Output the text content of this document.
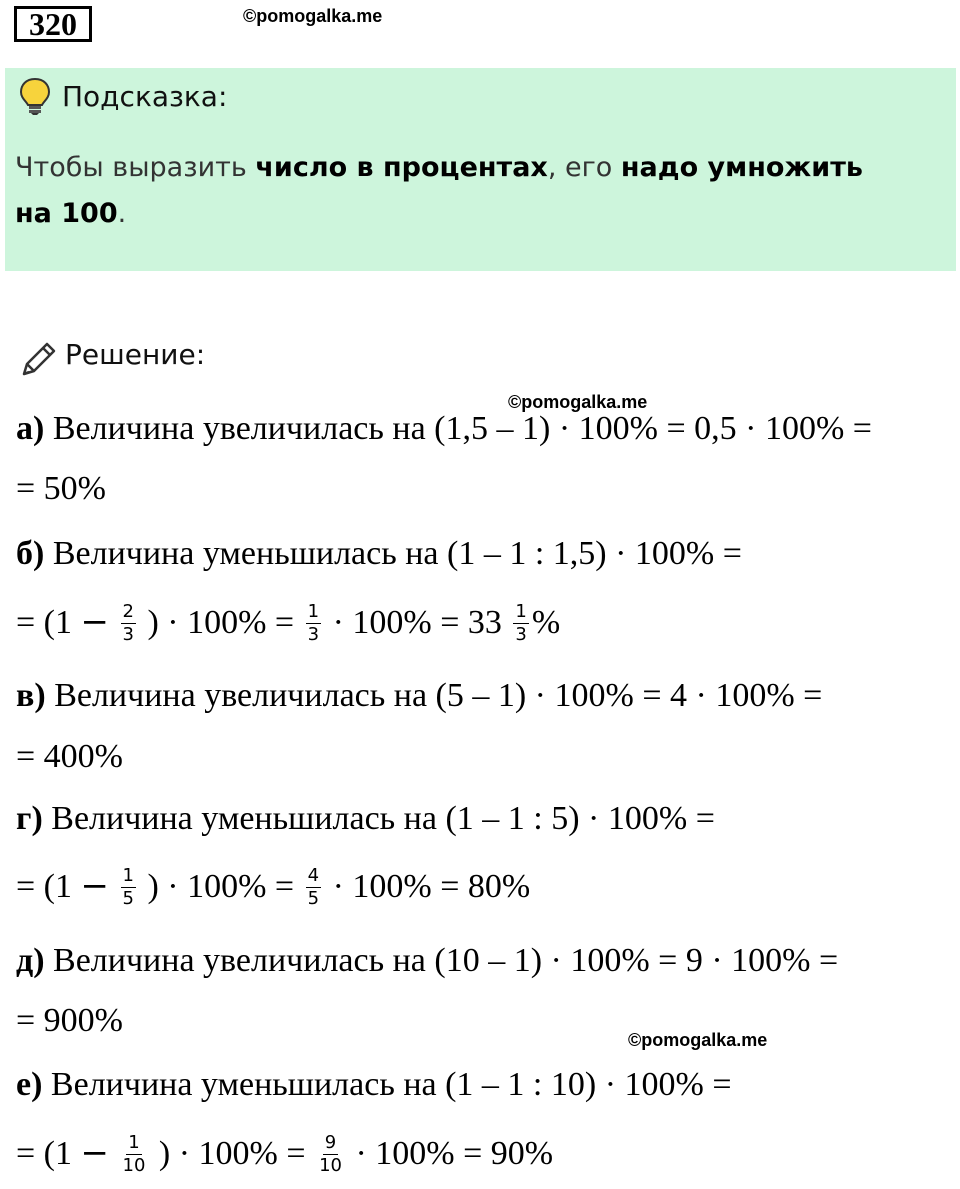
320	©pomogalka.me
Подсказка:
Чтобы выразить число в процентах, его надо умножить
на 100.
Решение:
©pomogalka.me
а) Величина увеличилась на (1,5 – 1) · 100% = 0,5 · 100% =
= 50%
б) Величина уменьшилась на (1 – 1 : 1,5) · 100% =
= ($1 - \frac{2}{3}$ ) · $100\% = \frac{1}{3} \cdot 100\% = 33 \frac{1}{3}$ %
в) Величина увеличилась на (5 – 1) · 100% = 4 · 100% =
= 400%
г) Величина уменьшилась на (1 – 1 : 5) · 100% =
= ($1 - \frac{1}{5}$ ) · $100\% = \frac{4}{5} \cdot 100\% = 80\%$
д) Величина увеличилась на (10 – 1) · 100% = 9 · 100% =
= 900%
©pomogalka.me
е) Величина уменьшилась на (1 – 1 : 10) · 100% =
= ($1 - \frac{1}{10}$ ) · $100\% = \frac{9}{10} \cdot 100\% = 90\%$
